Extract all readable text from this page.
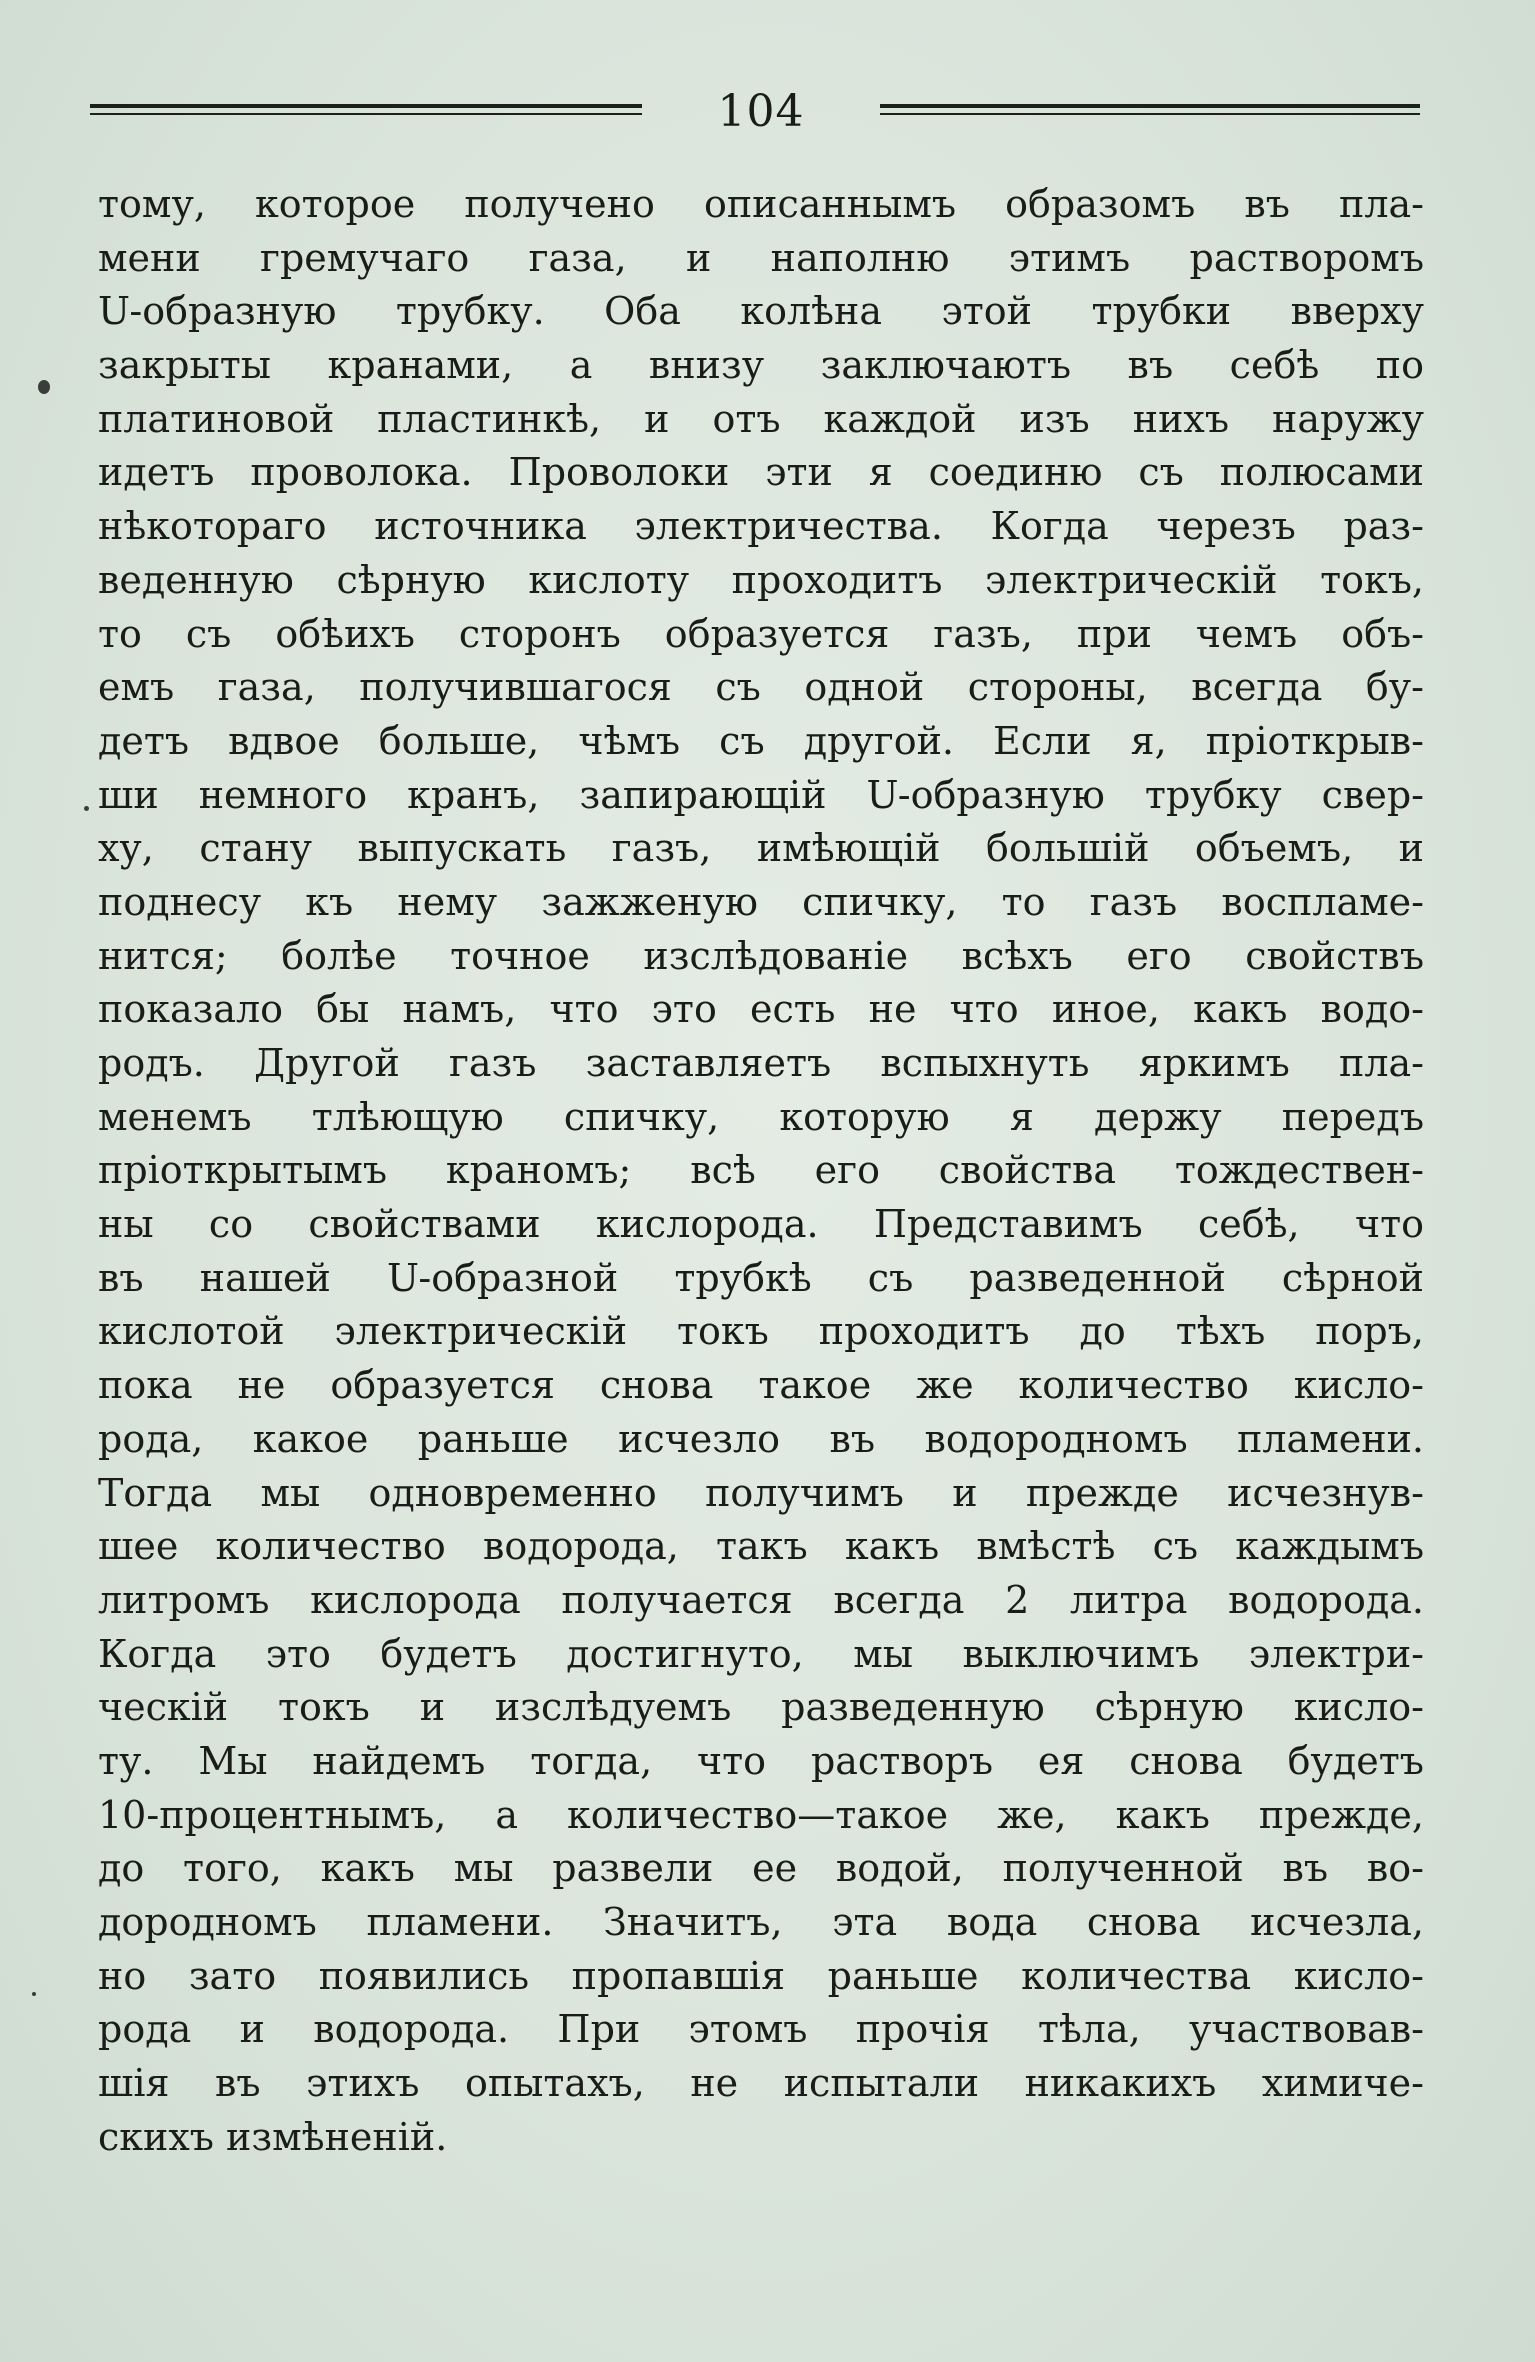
104
тому, которое получено описаннымъ образомъ въ пла-
мени гремучаго газа, и наполню этимъ растворомъ
U-образную трубку. Оба колѣна этой трубки вверху
закрыты кранами, а внизу заключаютъ въ себѣ по
платиновой пластинкѣ, и отъ каждой изъ нихъ наружу
идетъ проволока. Проволоки эти я соединю съ полюсами
нѣкотораго источника электричества. Когда черезъ раз-
веденную сѣрную кислоту проходитъ электрическій токъ,
то съ обѣихъ сторонъ образуется газъ, при чемъ объ-
емъ газа, получившагося съ одной стороны, всегда бу-
детъ вдвое больше, чѣмъ съ другой. Если я, пріоткрыв-
ши немного кранъ, запирающій U-образную трубку свер-
ху, стану выпускать газъ, имѣющій большій объемъ, и
поднесу къ нему зажженую спичку, то газъ воспламе-
нится; болѣе точное изслѣдованіе всѣхъ его свойствъ
показало бы намъ, что это есть не что иное, какъ водо-
родъ. Другой газъ заставляетъ вспыхнуть яркимъ пла-
менемъ тлѣющую спичку, которую я держу передъ
пріоткрытымъ краномъ; всѣ его свойства тождествен-
ны со свойствами кислорода. Представимъ себѣ, что
въ нашей U-образной трубкѣ съ разведенной сѣрной
кислотой электрическій токъ проходитъ до тѣхъ поръ,
пока не образуется снова такое же количество кисло-
рода, какое раньше исчезло въ водородномъ пламени.
Тогда мы одновременно получимъ и прежде исчезнув-
шее количество водорода, такъ какъ вмѣстѣ съ каждымъ
литромъ кислорода получается всегда 2 литра водорода.
Когда это будетъ достигнуто, мы выключимъ электри-
ческій токъ и изслѣдуемъ разведенную сѣрную кисло-
ту. Мы найдемъ тогда, что растворъ ея снова будетъ
10-процентнымъ, а количество—такое же, какъ прежде,
до того, какъ мы развели ее водой, полученной въ во-
дородномъ пламени. Значитъ, эта вода снова исчезла,
но зато появились пропавшія раньше количества кисло-
рода и водорода. При этомъ прочія тѣла, участвовав-
шія въ этихъ опытахъ, не испытали никакихъ химиче-
скихъ измѣненій.
